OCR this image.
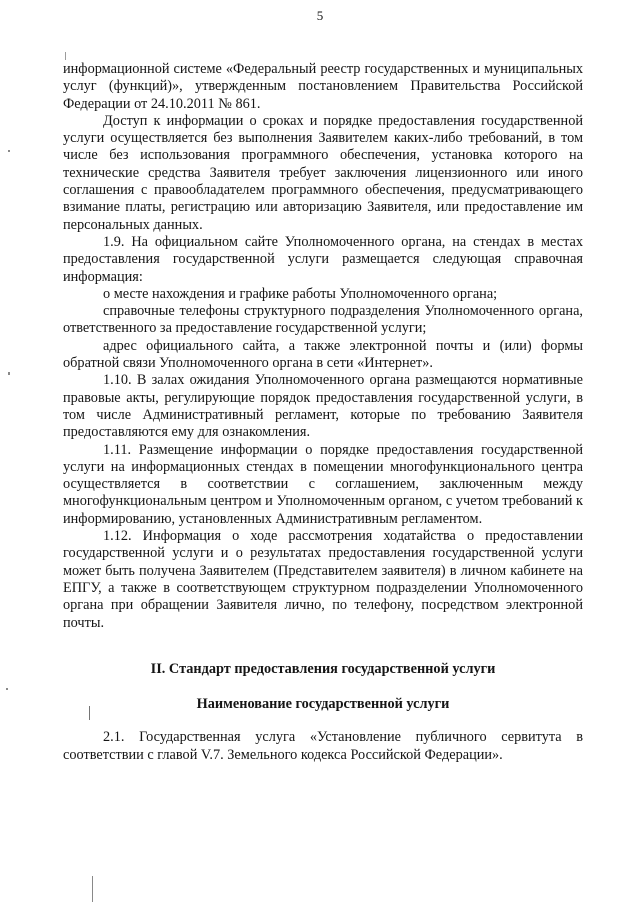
5

информационной системе «Федеральный реестр государственных и муниципальных услуг (функций)», утвержденным постановлением Правительства Российской Федерации от 24.10.2011 № 861.

Доступ к информации о сроках и порядке предоставления государственной услуги осуществляется без выполнения Заявителем каких-либо требований, в том числе без использования программного обеспечения, установка которого на технические средства Заявителя требует заключения лицензионного или иного соглашения с правообладателем программного обеспечения, предусматривающего взимание платы, регистрацию или авторизацию Заявителя, или предоставление им персональных данных.

1.9. На официальном сайте Уполномоченного органа, на стендах в местах предоставления государственной услуги размещается следующая справочная информация:

о месте нахождения и графике работы Уполномоченного органа;

справочные телефоны структурного подразделения Уполномоченного органа, ответственного за предоставление государственной услуги;

адрес официального сайта, а также электронной почты и (или) формы обратной связи Уполномоченного органа в сети «Интернет».

1.10. В залах ожидания Уполномоченного органа размещаются нормативные правовые акты, регулирующие порядок предоставления государственной услуги, в том числе Административный регламент, которые по требованию Заявителя предоставляются ему для ознакомления.

1.11. Размещение информации о порядке предоставления государственной услуги на информационных стендах в помещении многофункционального центра осуществляется в соответствии с соглашением, заключенным между многофункциональным центром и Уполномоченным органом, с учетом требований к информированию, установленных Административным регламентом.

1.12. Информация о ходе рассмотрения ходатайства о предоставлении государственной услуги и о результатах предоставления государственной услуги может быть получена Заявителем (Представителем заявителя) в личном кабинете на ЕПГУ, а также в соответствующем структурном подразделении Уполномоченного органа при обращении Заявителя лично, по телефону, посредством электронной почты.

II. Стандарт предоставления государственной услуги

Наименование государственной услуги

2.1. Государственная услуга «Установление публичного сервитута в соответствии с главой V.7. Земельного кодекса Российской Федерации».
